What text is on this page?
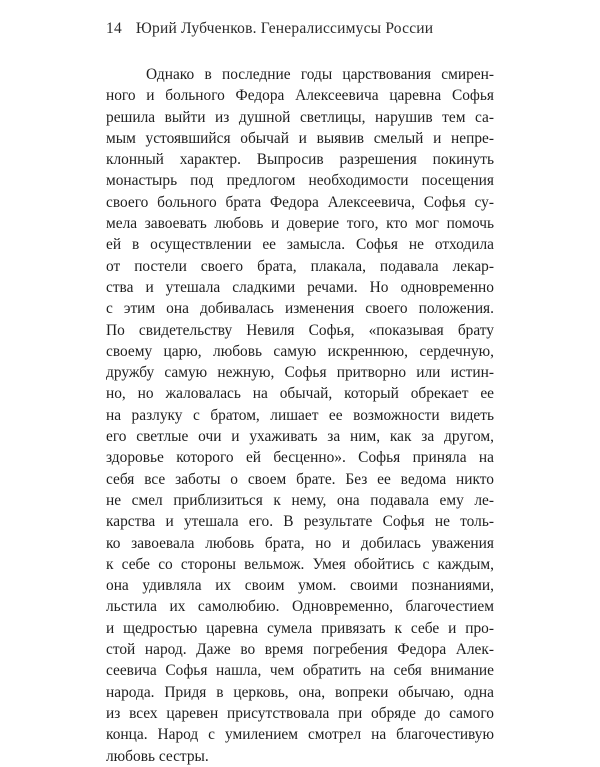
14 Юрий Лубченков. Генералиссимусы России
Однако в последние годы царствования смирен-
ного и больного Федора Алексеевича царевна Софья
решила выйти из душной светлицы, нарушив тем са-
мым устоявшийся обычай и выявив смелый и непре-
клонный характер. Выпросив разрешения покинуть
монастырь под предлогом необходимости посещения
своего больного брата Федора Алексеевича, Софья су-
мела завоевать любовь и доверие того, кто мог помочь
ей в осуществлении ее замысла. Софья не отходила
от постели своего брата, плакала, подавала лекар-
ства и утешала сладкими речами. Но одновременно
с этим она добивалась изменения своего положения.
По свидетельству Невиля Софья, «показывая брату
своему царю, любовь самую искреннюю, сердечную,
дружбу самую нежную, Софья притворно или истин-
но, но жаловалась на обычай, который обрекает ее
на разлуку с братом, лишает ее возможности видеть
его светлые очи и ухаживать за ним, как за другом,
здоровье которого ей бесценно». Софья приняла на
себя все заботы о своем брате. Без ее ведома никто
не смел приблизиться к нему, она подавала ему ле-
карства и утешала его. В результате Софья не толь-
ко завоевала любовь брата, но и добилась уважения
к себе со стороны вельмож. Умея обойтись с каждым,
она удивляла их своим умом. своими познаниями,
льстила их самолюбию. Одновременно, благочестием
и щедростью царевна сумела привязать к себе и про-
стой народ. Даже во время погребения Федора Алек-
сеевича Софья нашла, чем обратить на себя внимание
народа. Придя в церковь, она, вопреки обычаю, одна
из всех царевен присутствовала при обряде до самого
конца. Народ с умилением смотрел на благочестивую
любовь сестры.
